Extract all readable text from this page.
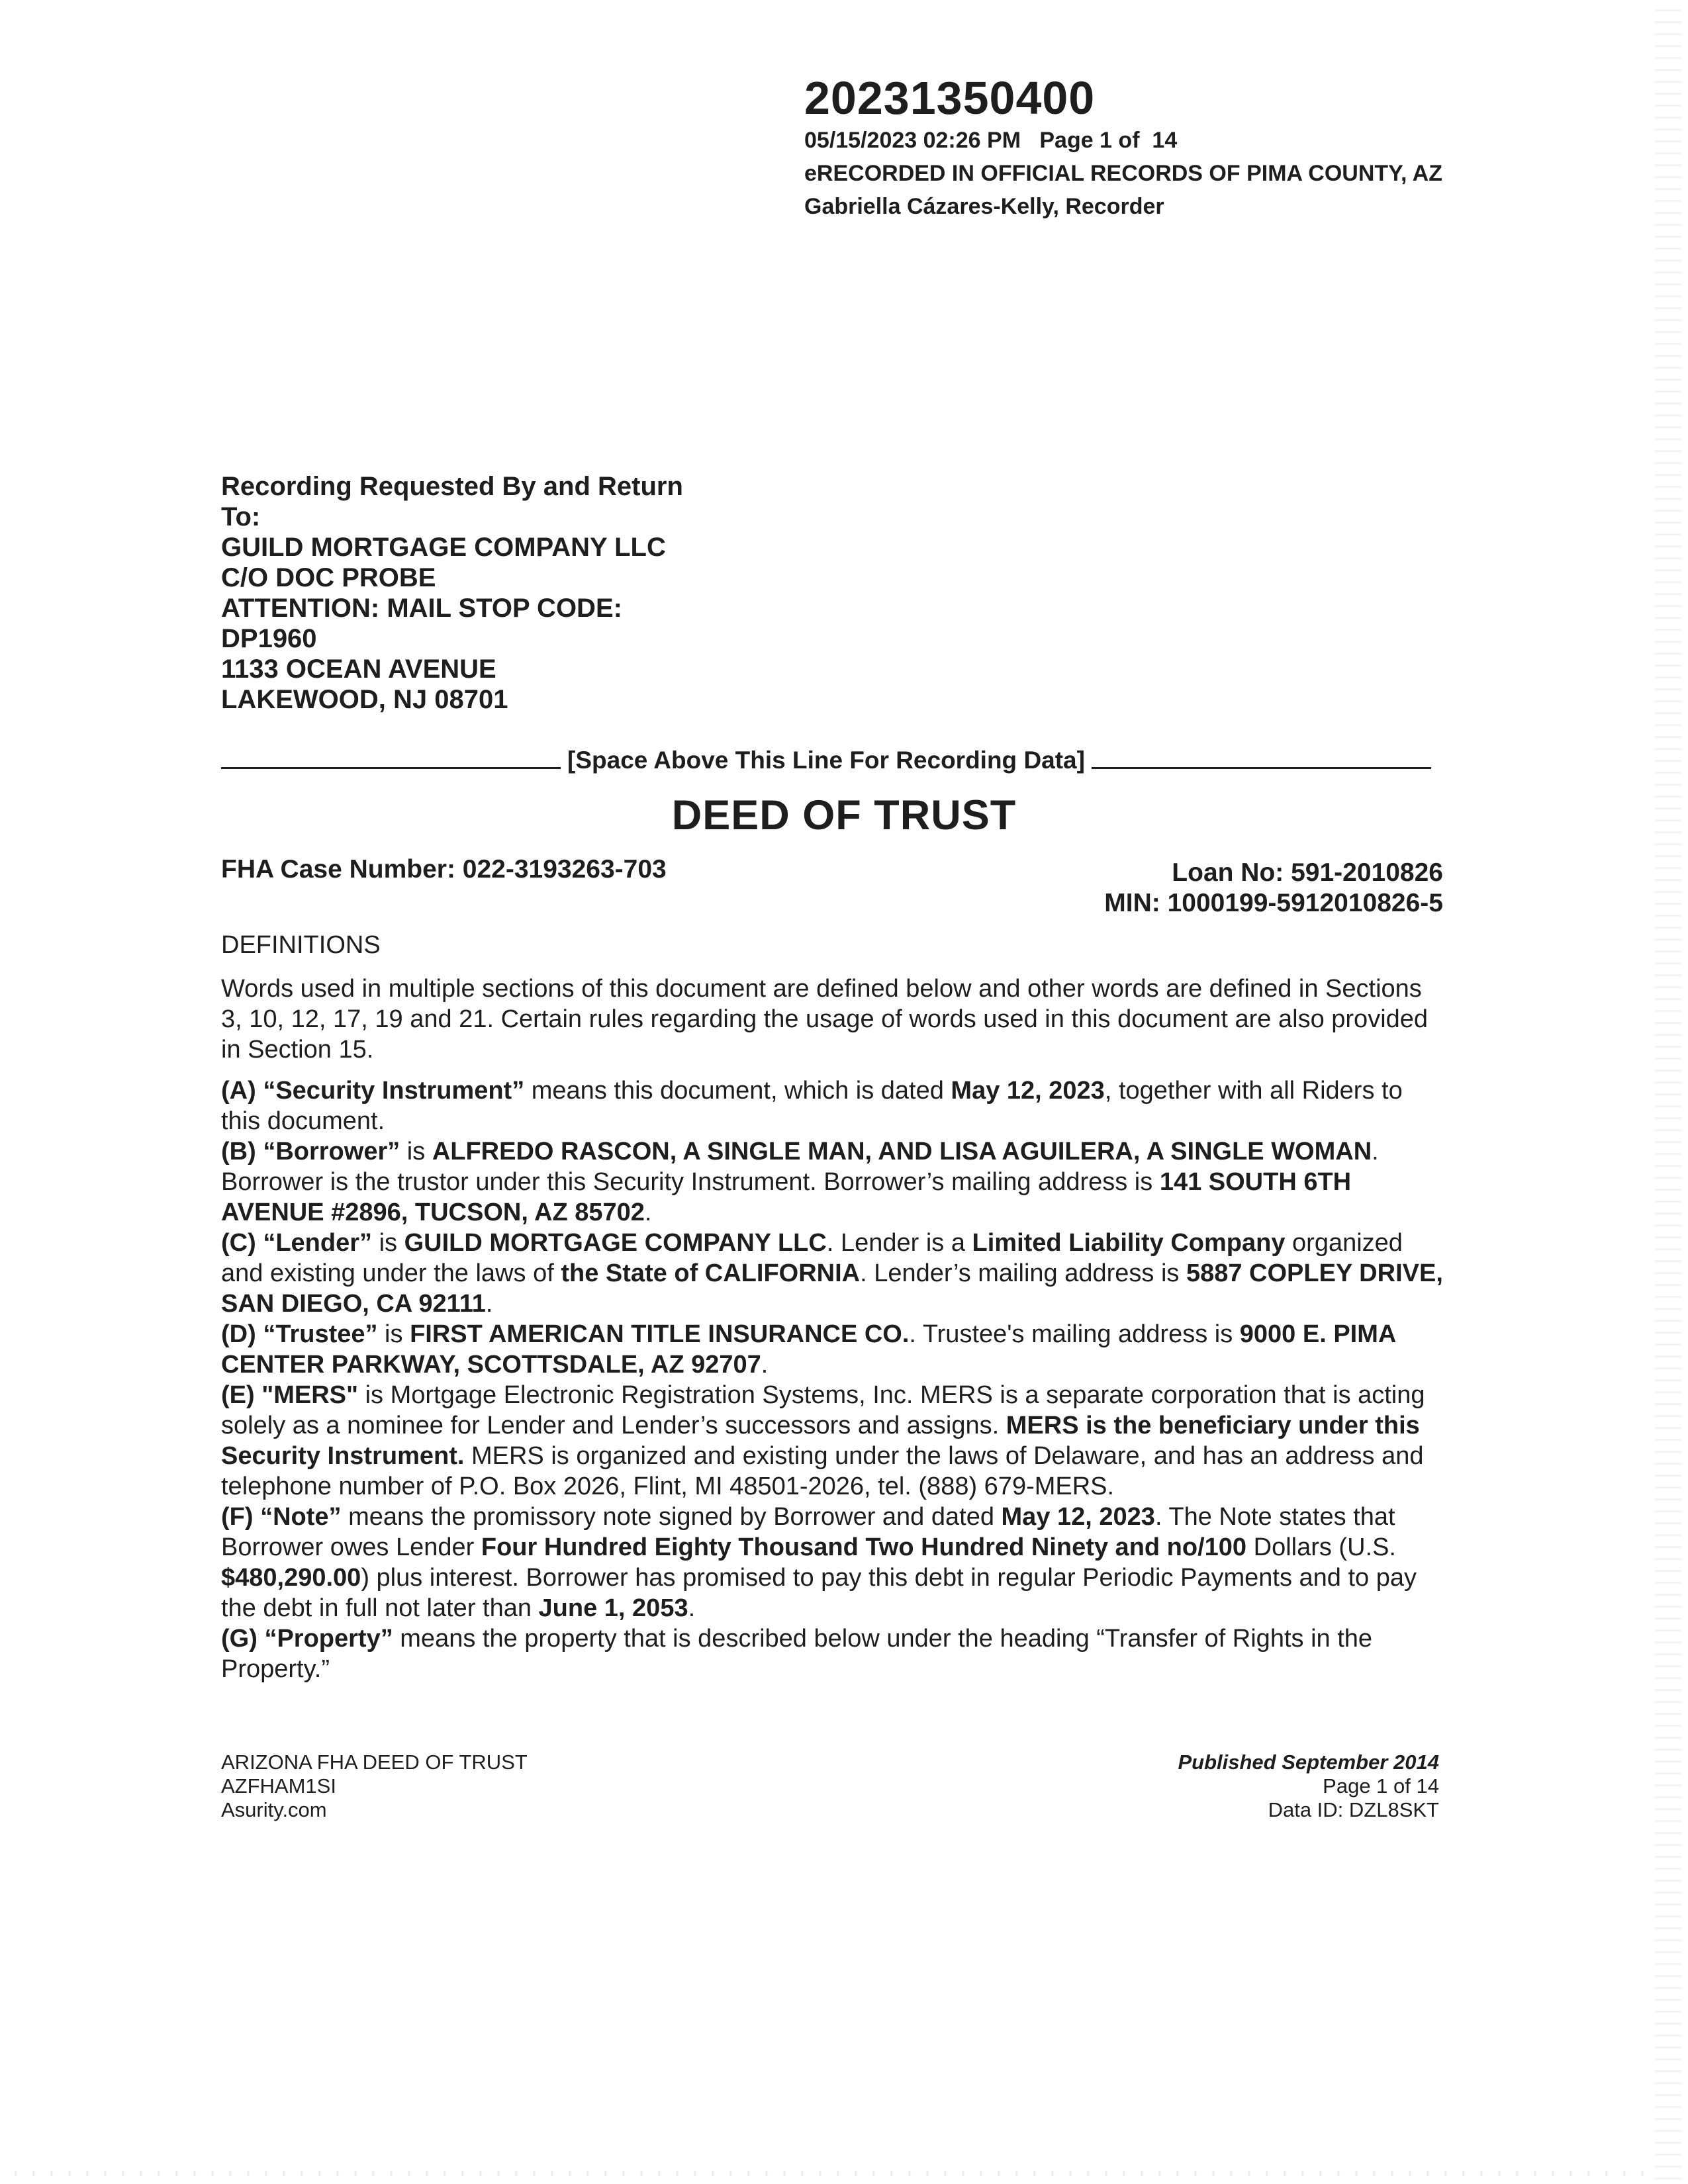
20231350400
05/15/2023 02:26 PM   Page 1 of  14
eRECORDED IN OFFICIAL RECORDS OF PIMA COUNTY, AZ
Gabriella Cázares-Kelly, Recorder
Recording Requested By and Return
To:
GUILD MORTGAGE COMPANY LLC
C/O DOC PROBE
ATTENTION: MAIL STOP CODE:
DP1960
1133 OCEAN AVENUE
LAKEWOOD, NJ 08701
[Space Above This Line For Recording Data]
DEED OF TRUST
FHA Case Number: 022-3193263-703	Loan No: 591-2010826
MIN: 1000199-5912010826-5

DEFINITIONS

Words used in multiple sections of this document are defined below and other words are defined in Sections 3, 10, 12, 17, 19 and 21. Certain rules regarding the usage of words used in this document are also provided in Section 15.

(A) “Security Instrument” means this document, which is dated May 12, 2023, together with all Riders to this document.

(B) “Borrower” is ALFREDO RASCON, A SINGLE MAN, AND LISA AGUILERA, A SINGLE WOMAN. Borrower is the trustor under this Security Instrument. Borrower’s mailing address is 141 SOUTH 6TH AVENUE #2896, TUCSON, AZ 85702.

(C) “Lender” is GUILD MORTGAGE COMPANY LLC. Lender is a Limited Liability Company organized and existing under the laws of the State of CALIFORNIA. Lender’s mailing address is 5887 COPLEY DRIVE, SAN DIEGO, CA 92111.

(D) “Trustee” is FIRST AMERICAN TITLE INSURANCE CO.. Trustee's mailing address is 9000 E. PIMA CENTER PARKWAY, SCOTTSDALE, AZ 92707.

(E) "MERS" is Mortgage Electronic Registration Systems, Inc. MERS is a separate corporation that is acting solely as a nominee for Lender and Lender’s successors and assigns. MERS is the beneficiary under this Security Instrument. MERS is organized and existing under the laws of Delaware, and has an address and telephone number of P.O. Box 2026, Flint, MI 48501-2026, tel. (888) 679-MERS.

(F) “Note” means the promissory note signed by Borrower and dated May 12, 2023. The Note states that Borrower owes Lender Four Hundred Eighty Thousand Two Hundred Ninety and no/100 Dollars (U.S. $480,290.00) plus interest. Borrower has promised to pay this debt in regular Periodic Payments and to pay the debt in full not later than June 1, 2053.

(G) “Property” means the property that is described below under the heading “Transfer of Rights in the Property.”

ARIZONA FHA DEED OF TRUST
AZFHAM1SI
Asurity.com
Published September 2014
Page 1 of 14
Data ID: DZL8SKT
